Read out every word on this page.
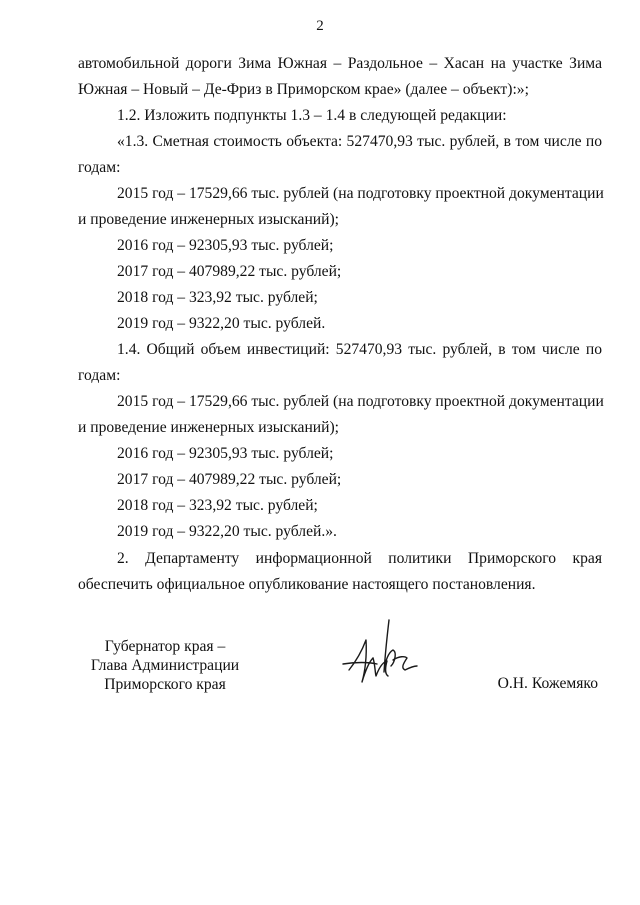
2
автомобильной дороги Зима Южная – Раздольное – Хасан на участке Зима
Южная – Новый – Де-Фриз в Приморском крае» (далее – объект):»;
1.2. Изложить подпункты 1.3 – 1.4 в следующей редакции:
«1.3. Сметная стоимость объекта: 527470,93 тыс. рублей, в том числе по
годам:
2015 год – 17529,66 тыс. рублей (на подготовку проектной документации
и проведение инженерных изысканий);
2016 год – 92305,93 тыс. рублей;
2017 год – 407989,22 тыс. рублей;
2018 год – 323,92 тыс. рублей;
2019 год – 9322,20 тыс. рублей.
1.4. Общий объем инвестиций: 527470,93 тыс. рублей, в том числе по
годам:
2015 год – 17529,66 тыс. рублей (на подготовку проектной документации
и проведение инженерных изысканий);
2016 год – 92305,93 тыс. рублей;
2017 год – 407989,22 тыс. рублей;
2018 год – 323,92 тыс. рублей;
2019 год – 9322,20 тыс. рублей.».
2. Департаменту информационной политики Приморского края
обеспечить официальное опубликование настоящего постановления.
Губернатор края –
Глава Администрации
Приморского края	О.Н. Кожемяко
